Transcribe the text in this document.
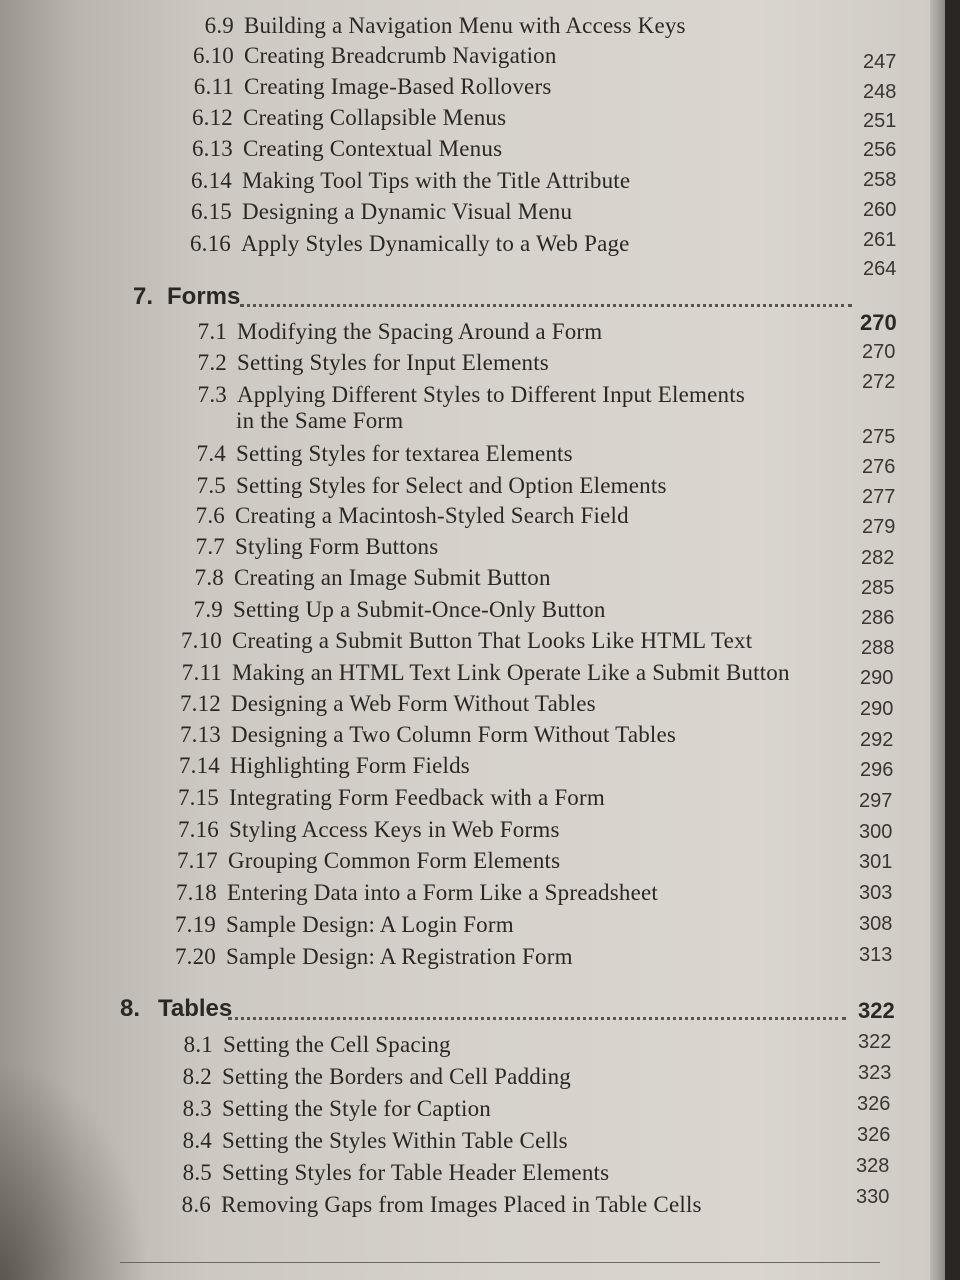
6.9 Building a Navigation Menu with Access Keys
6.10 Creating Breadcrumb Navigation
6.11 Creating Image-Based Rollovers
6.12 Creating Collapsible Menus
6.13 Creating Contextual Menus
6.14 Making Tool Tips with the Title Attribute
6.15 Designing a Dynamic Visual Menu
6.16 Apply Styles Dynamically to a Web Page
247
248
251
256
258
260
261
264
7. Forms
270
7.1 Modifying the Spacing Around a Form
7.2 Setting Styles for Input Elements
7.3 Applying Different Styles to Different Input Elements
in the Same Form
7.4 Setting Styles for textarea Elements
7.5 Setting Styles for Select and Option Elements
7.6 Creating a Macintosh-Styled Search Field
7.7 Styling Form Buttons
7.8 Creating an Image Submit Button
7.9 Setting Up a Submit-Once-Only Button
7.10 Creating a Submit Button That Looks Like HTML Text
7.11 Making an HTML Text Link Operate Like a Submit Button
7.12 Designing a Web Form Without Tables
7.13 Designing a Two Column Form Without Tables
7.14 Highlighting Form Fields
7.15 Integrating Form Feedback with a Form
7.16 Styling Access Keys in Web Forms
7.17 Grouping Common Form Elements
7.18 Entering Data into a Form Like a Spreadsheet
7.19 Sample Design: A Login Form
7.20 Sample Design: A Registration Form
270
272
275
276
277
279
282
285
286
288
290
290
292
296
297
300
301
303
308
313
8. Tables	322
8.1 Setting the Cell Spacing
8.2 Setting the Borders and Cell Padding
8.3 Setting the Style for Caption
8.4 Setting the Styles Within Table Cells
8.5 Setting Styles for Table Header Elements
8.6 Removing Gaps from Images Placed in Table Cells
322
323
326
326
328
330
